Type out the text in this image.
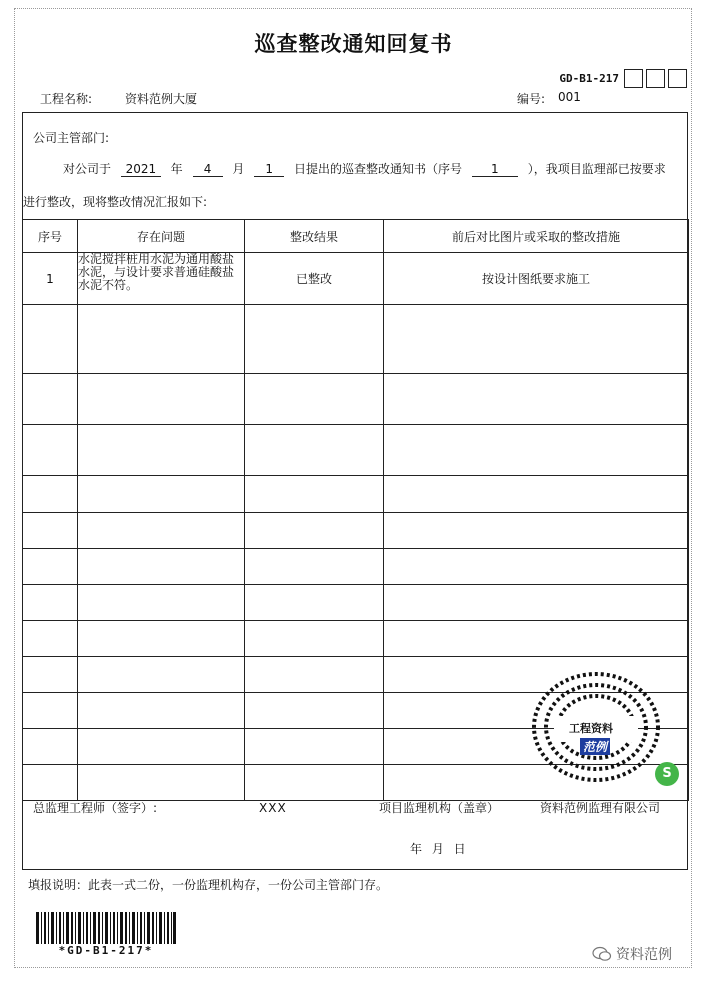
巡查整改通知回复书
GD-B1-217
工程名称:	资料范例大厦	编号: 001
公司主管部门:
对公司于 2021 年 4 月 1 日提出的巡查整改通知书（序号 1 ），我项目监理部已按要求
进行整改，现将整改情况汇报如下:
序号	存在问题	整改结果	前后对比图片或采取的整改措施
1	水泥搅拌桩用水泥为通用酸盐水泥，与设计要求普通硅酸盐水泥不符。	已整改	按设计图纸要求施工

总监理工程师（签字）:	XXX	项目监理机构（盖章）	资料范例监理有限公司
年 月 日
工程资料
范例
S
填报说明：此表一式二份，一份监理机构存，一份公司主管部门存。
*GD-B1-217*	资料范例
